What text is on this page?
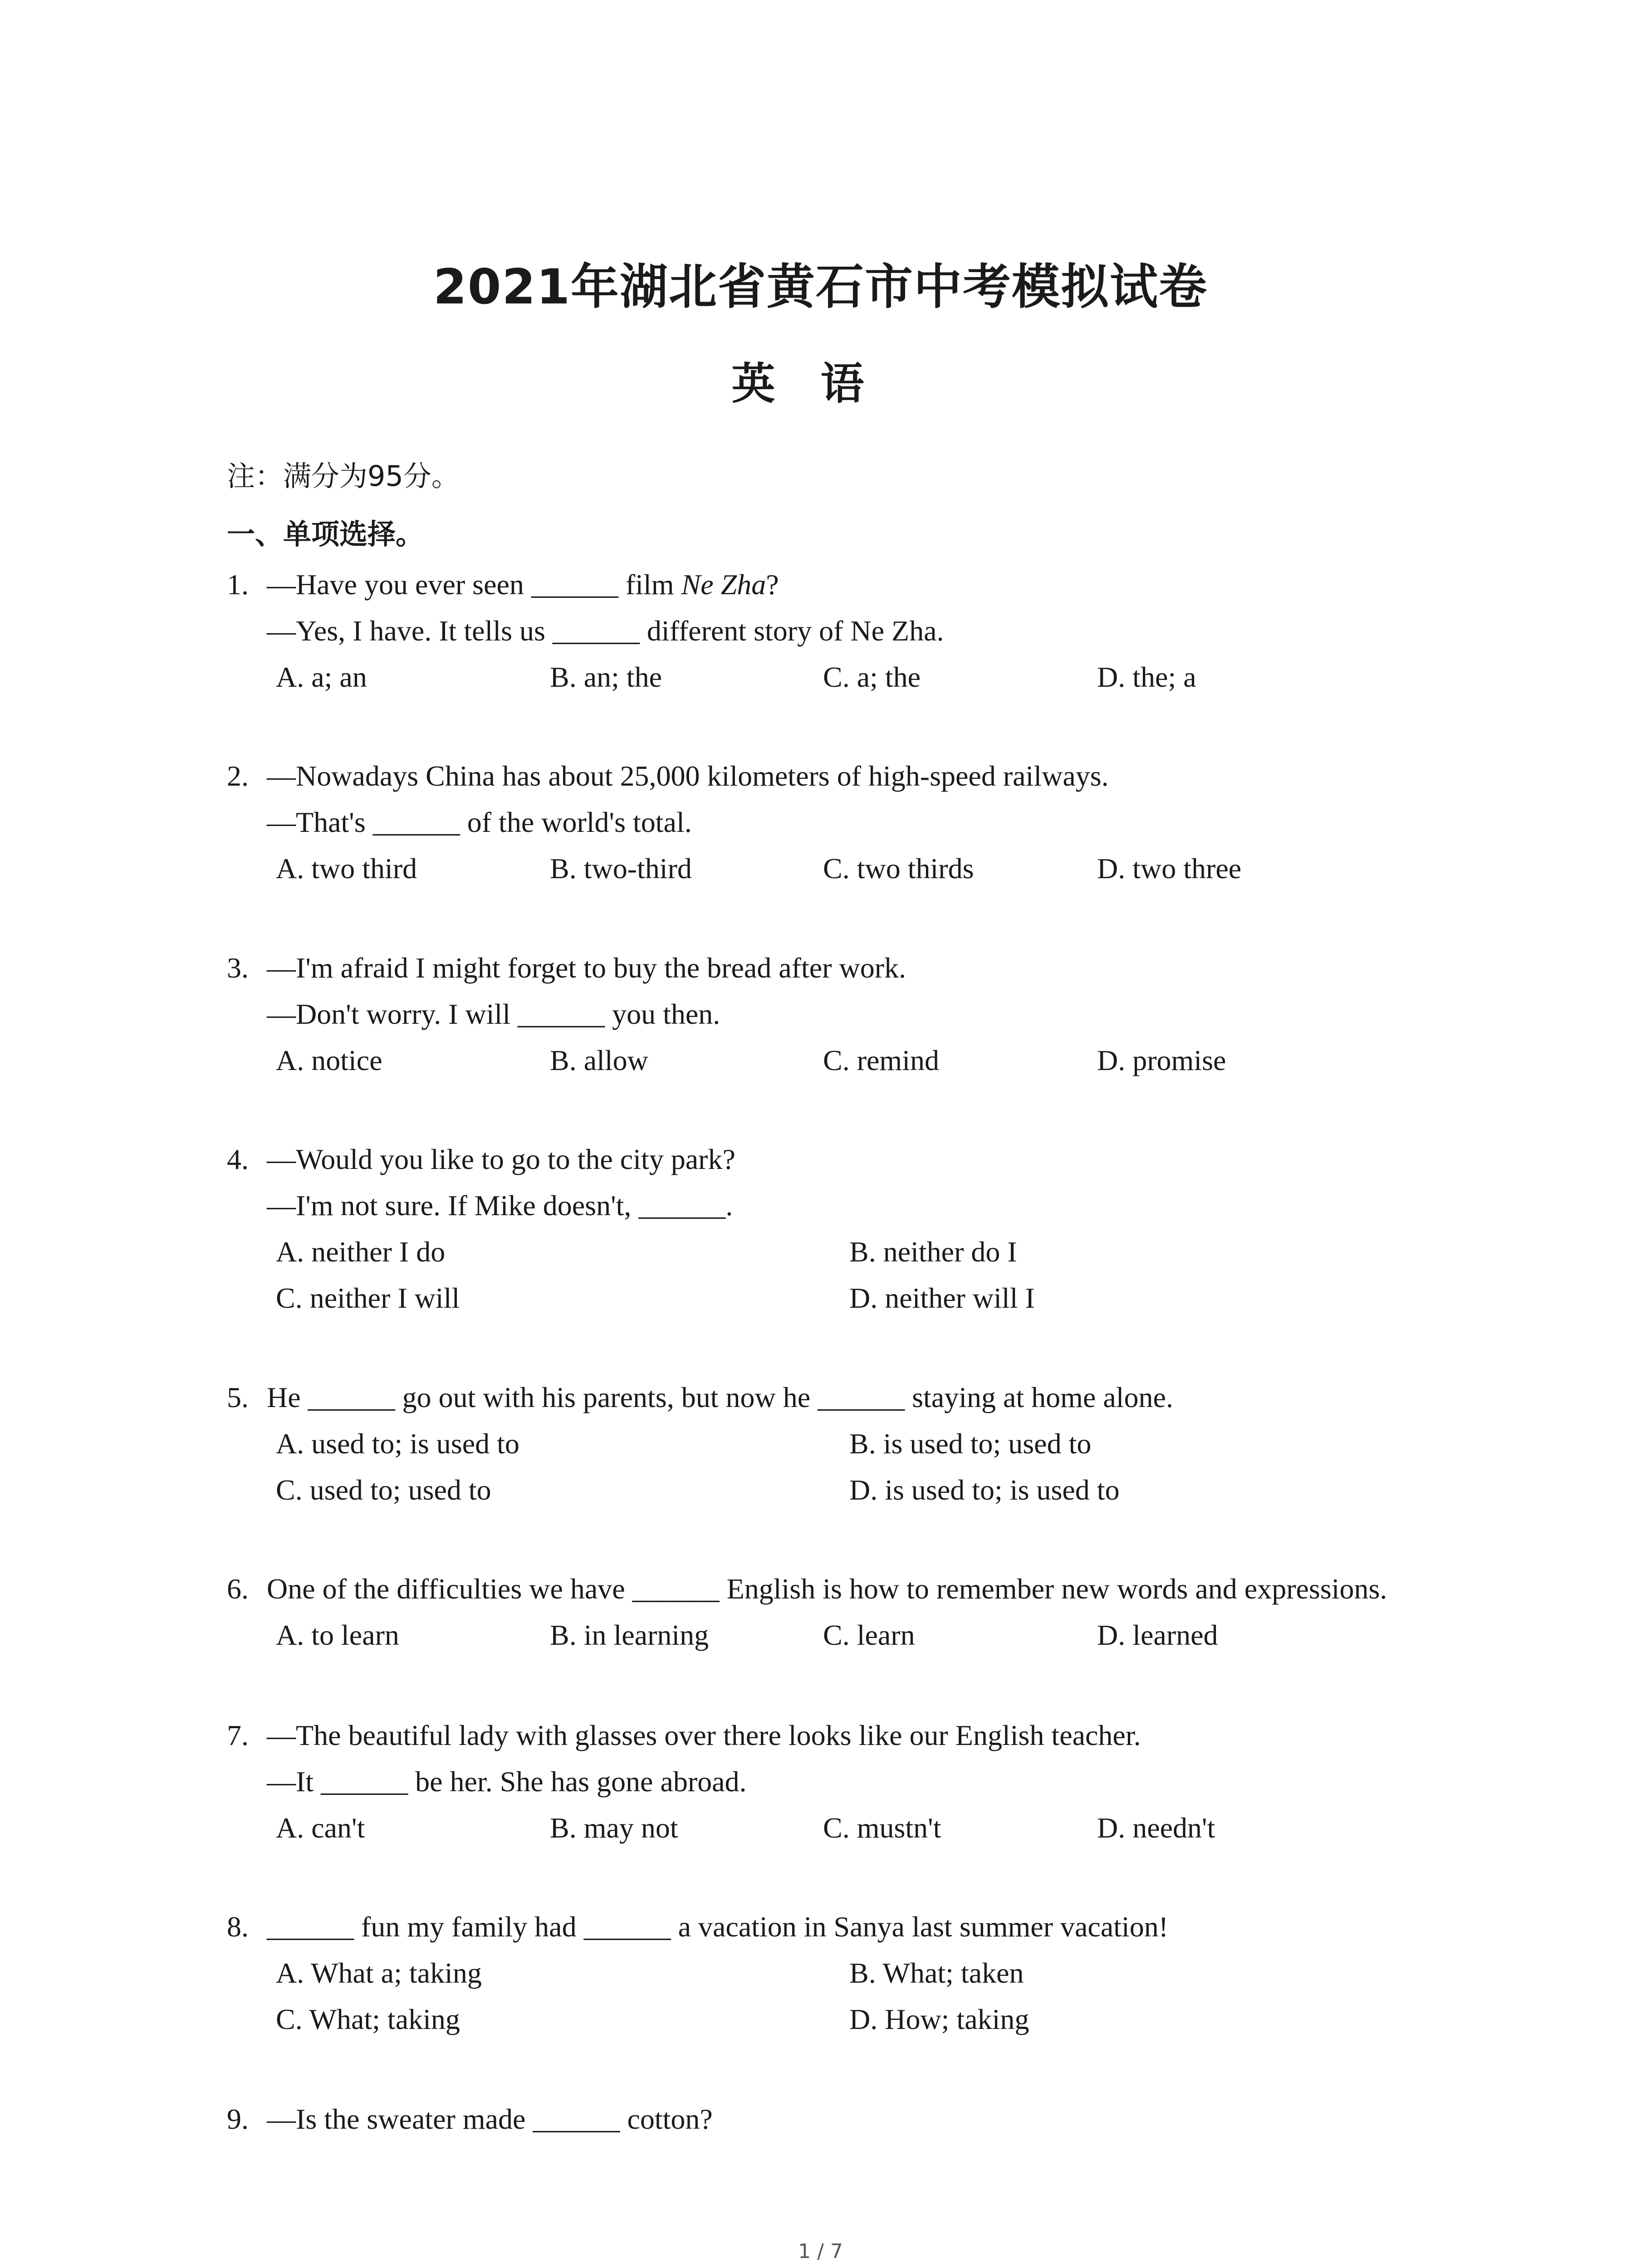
2021年湖北省黄石市中考模拟试卷
英语
注：满分为95分。
一、单项选择。
1. —Have you ever seen ______ film Ne Zha?
—Yes, I have. It tells us ______ different story of Ne Zha.
A. a; an	B. an; the	C. a; the	D. the; a
2. —Nowadays China has about 25,000 kilometers of high-speed railways.
—That's ______ of the world's total.
A. two third	B. two-third	C. two thirds	D. two three
3. —I'm afraid I might forget to buy the bread after work.
—Don't worry. I will ______ you then.
A. notice	B. allow	C. remind	D. promise
4. —Would you like to go to the city park?
—I'm not sure. If Mike doesn't, ______.
A. neither I do	B. neither do I
C. neither I will	D. neither will I
5. He ______ go out with his parents, but now he ______ staying at home alone.
A. used to; is used to	B. is used to; used to
C. used to; used to	D. is used to; is used to
6. One of the difficulties we have ______ English is how to remember new words and expressions.
A. to learn	B. in learning	C. learn	D. learned
7. —The beautiful lady with glasses over there looks like our English teacher.
—It ______ be her. She has gone abroad.
A. can't	B. may not	C. mustn't	D. needn't
8. ______ fun my family had ______ a vacation in Sanya last summer vacation!
A. What a; taking	B. What; taken
C. What; taking	D. How; taking
9. —Is the sweater made ______ cotton?
1 / 7
